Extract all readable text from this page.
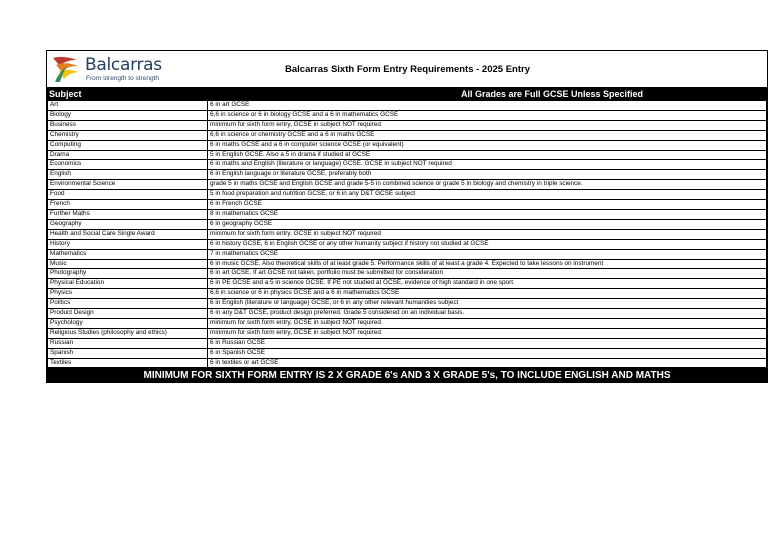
Balcarras
From strength to strength
Balcarras Sixth Form Entry Requirements - 2025 Entry
Subject	All Grades are Full GCSE Unless Specified
Art	6 in art GCSE
Biology	6,6 in science or 6 in biology GCSE and a 6 in mathematics GCSE
Business	minimum for sixth form entry, GCSE in subject NOT required
Chemistry	6,6 in science or chemistry GCSE and a 6 in maths GCSE
Computing	6 in maths GCSE and a 6 in computer science GCSE (or equivalent)
Drama	5 in English GCSE. Also a 5 in drama if studied at GCSE
Economics	6 in maths and English (literature or language) GCSE. GCSE in subject NOT required
English	6 in English language or literature GCSE, preferably both
Environmental Science	grade 5 in maths GCSE and English GCSE and grade 5-5 in combined science or grade 5 in biology and chemistry in triple science.
Food	5 in food preparation and nutrition GCSE, or 6 in any D&T GCSE subject
French	6 in French GCSE
Further Maths	8 in mathematics GCSE
Geography	6 in geography GCSE
Health and Social Care Single Award	minimum for sixth form entry, GCSE in subject NOT required
History	6 in history GCSE, 6 in English GCSE or any other humanity subject if history not studied at GCSE
Mathematics	7 in mathematics GCSE
Music	6 in music GCSE. Also theoretical skills of at least grade 5. Performance skills of at least a grade 4. Expected to take lessons on instrument
Photography	6 in art GCSE. If art GCSE not taken, portfolio must be submitted for consideration
Physical Education	6 in PE GCSE and a 5 in science GCSE. If PE not studied at GCSE, evidence of high standard in one sport.
Physics	6,6 in science or 6 in physics GCSE and a 6 in mathematics GCSE
Politics	6 in English (literature or language) GCSE, or 6 in any other relevant humanities subject
Product Design	6 in any D&T GCSE, product design preferred. Grade 5 considered on an individual basis.
Psychology	minimum for sixth form entry, GCSE in subject NOT required
Religious Studies (philosophy and ethics)	minimum for sixth form entry, GCSE in subject NOT required
Russian	6 in Russian GCSE
Spanish	6 in Spanish GCSE
Textiles	6 in textiles or art GCSE
MINIMUM FOR SIXTH FORM ENTRY IS 2 X GRADE 6's AND 3 X GRADE 5's, TO INCLUDE ENGLISH AND MATHS
